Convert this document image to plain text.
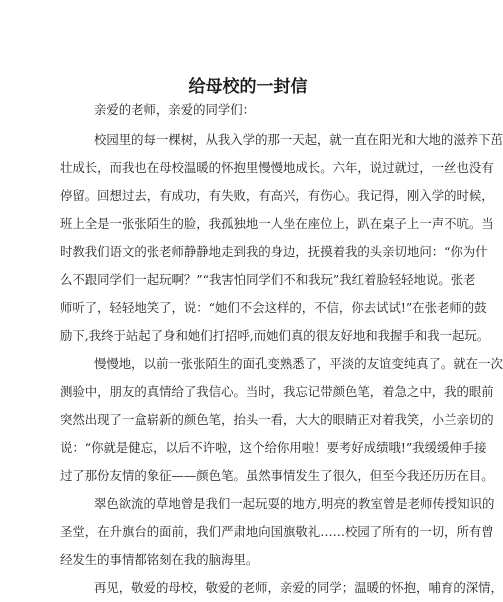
给母校的一封信

亲爱的老师，亲爱的同学们：

校园里的每一棵树，从我入学的那一天起，就一直在阳光和大地的滋养下茁

壮成长，而我也在母校温暖的怀抱里慢慢地成长。六年，说过就过，一丝也没有

停留。回想过去，有成功，有失败，有高兴，有伤心。我记得，刚入学的时候，

班上全是一张张陌生的脸，我孤独地一人坐在座位上，趴在桌子上一声不吭。当

时教我们语文的张老师静静地走到我的身边，抚摸着我的头亲切地问：“你为什

么不跟同学们一起玩啊？”“我害怕同学们不和我玩”我红着脸轻轻地说。张老

师听了，轻轻地笑了，说：“她们不会这样的，不信，你去试试!”在张老师的鼓

励下,我终于站起了身和她们打招呼,而她们真的很友好地和我握手和我一起玩。

慢慢地，以前一张张陌生的面孔变熟悉了，平淡的友谊变纯真了。就在一次

测验中，朋友的真情给了我信心。当时，我忘记带颜色笔，着急之中，我的眼前

突然出现了一盒崭新的颜色笔，抬头一看，大大的眼睛正对着我笑，小兰亲切的

说：“你就是健忘，以后不许啦，这个给你用啦！要考好成绩哦!”我缓缓伸手接

过了那份友情的象征——颜色笔。虽然事情发生了很久，但至今我还历历在目。

翠色欲流的草地曾是我们一起玩耍的地方,明亮的教室曾是老师传授知识的

圣堂，在升旗台的面前，我们严肃地向国旗敬礼……校园了所有的一切，所有曾

经发生的事情都铭刻在我的脑海里。

再见，敬爱的母校，敬爱的老师，亲爱的同学；温暖的怀抱，哺育的深情，
